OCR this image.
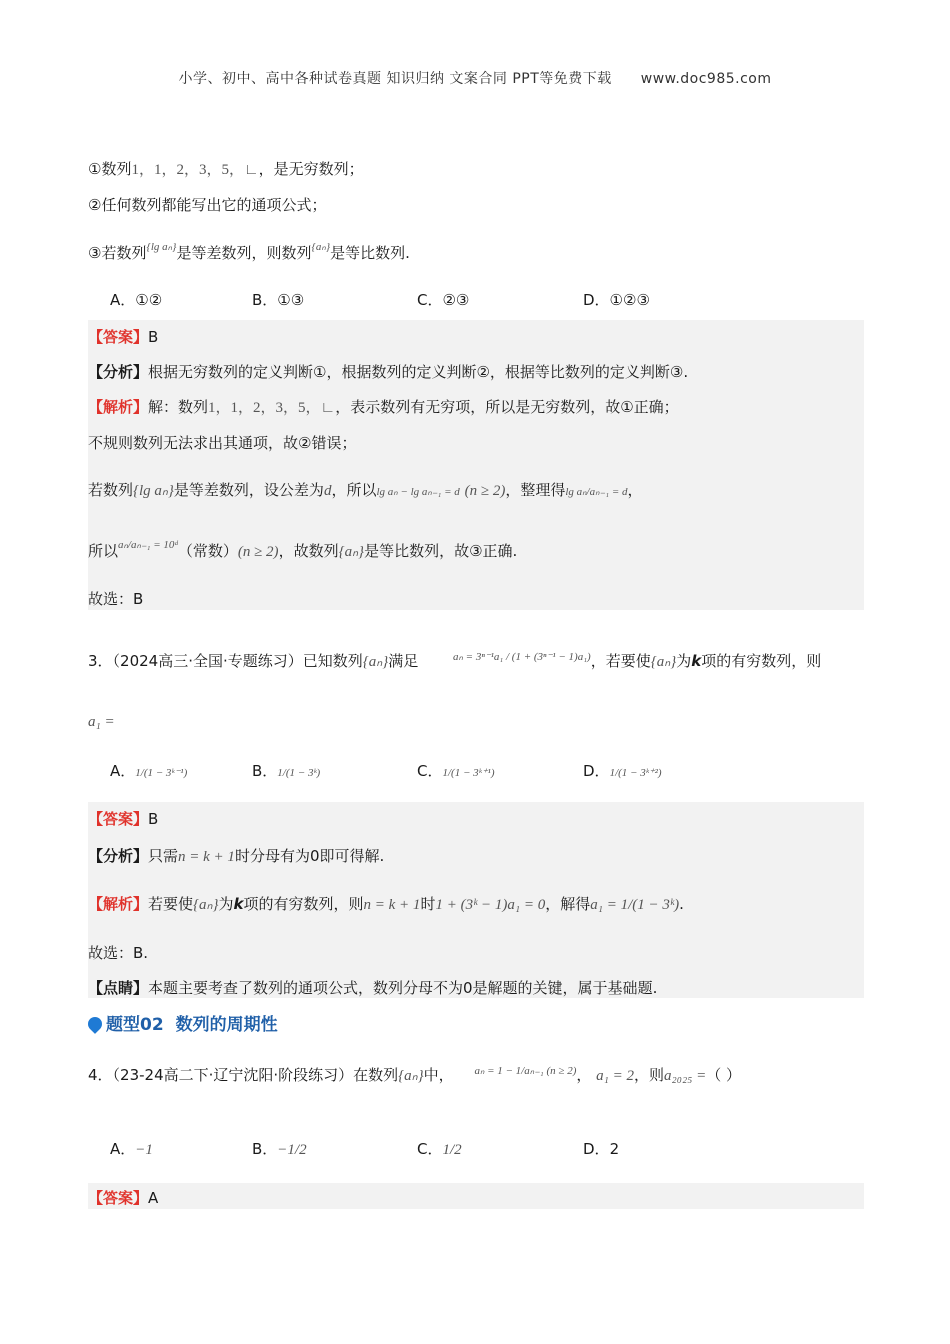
小学、初中、高中各种试卷真题 知识归纳 文案合同 PPT等免费下载 www.doc985.com
①数列1，1，2，3，5，∟，是无穷数列；
②任何数列都能写出它的通项公式；
③若数列$^{\{lg a_n\}}$是等差数列，则数列$^{\{a_n\}}$是等比数列.
A．①②	B．①③	C．②③	D．①②③
【答案】B
【分析】根据无穷数列的定义判断①，根据数列的定义判断②，根据等比数列的定义判断③.
【解析】解：数列1，1，2，3，5，∟，表示数列有无穷项，所以是无穷数列，故①正确；
不规则数列无法求出其通项，故②错误；
若数列{lg aₙ}是等差数列，设公差为d，所以lg aₙ − lg aₙ₋₁ = d (n ≥ 2)，整理得lg aₙ/aₙ₋₁ = d，
所以$^{a_n/a_{n-1} = 10ᵈ}$（常数）(n ≥ 2)，故数列{aₙ}是等比数列，故③正确.
故选：B
3．（2024高三·全国·专题练习）已知数列{aₙ}满足	$^{a_n = 3^{n-1}a_1 / (1 + (3^{n-1} - 1)a_1)}$，若要使{aₙ}为k项的有穷数列，则
a₁ =
A．1/(1 − 3ᵏ⁻¹)	B．1/(1 − 3ᵏ)	C．1/(1 − 3ᵏ⁺¹)	D．1/(1 − 3ᵏ⁺²)
【答案】B
【分析】只需n = k + 1时分母有为0即可得解.
【解析】若要使{aₙ}为k项的有穷数列，则n = k + 1时1 + (3ᵏ − 1)a₁ = 0，解得a₁ = 1/(1 − 3ᵏ).
故选：B.
【点睛】本题主要考查了数列的通项公式，数列分母不为0是解题的关键，属于基础题.
题型02 数列的周期性
4．（23-24高二下·辽宁沈阳·阶段练习）在数列{aₙ}中， $^{a_n = 1 - 1/a_{n-1} (n \ge 2)}$， a₁ = 2，则a₂₀₂₅ =（ ）
A．−1	B．−1/2	C．1/2	D．2
【答案】A
